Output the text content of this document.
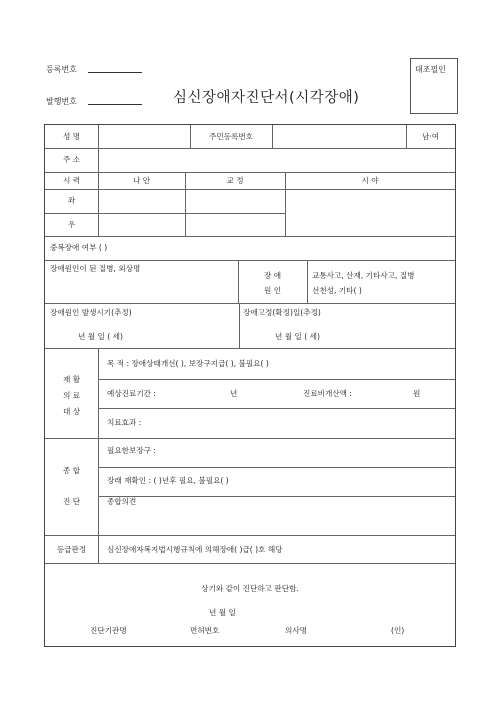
등록번호
발행번호	심신장애자진단서(시각장애)
대조필인
성 명	주민등록번호	남·여
주 소
시 력	나 안	교 정	시 야
좌
우
중복장애 여부 ( )
장애원인이 된 질병, 외상명
장 애
원 인
교통사고, 산재, 기타사고, 질병
선천성, 기타( )
장애원인 발생시기(추정)
년 월 일 ( 세)
장애고정(확정)일(추정)
년 월 일 ( 세)
재 활
의 료
대 상
목 적 : 장애상태개선( ), 보장구지급( ), 불필요( )
예상진료기간 :	년	진료비개산액 :	원
치료효과 :
종 합
진 단
필요한보장구 :
장래 재확인 : ( )년후 필요, 불필요( )
종합의견
등급판정	심신장애자복지법시행규칙에 의해장애( )급( )호 해당
상기와 같이 진단하고 판단함.
년 월 일
진단기관명	면허번호	의사명	(인)
